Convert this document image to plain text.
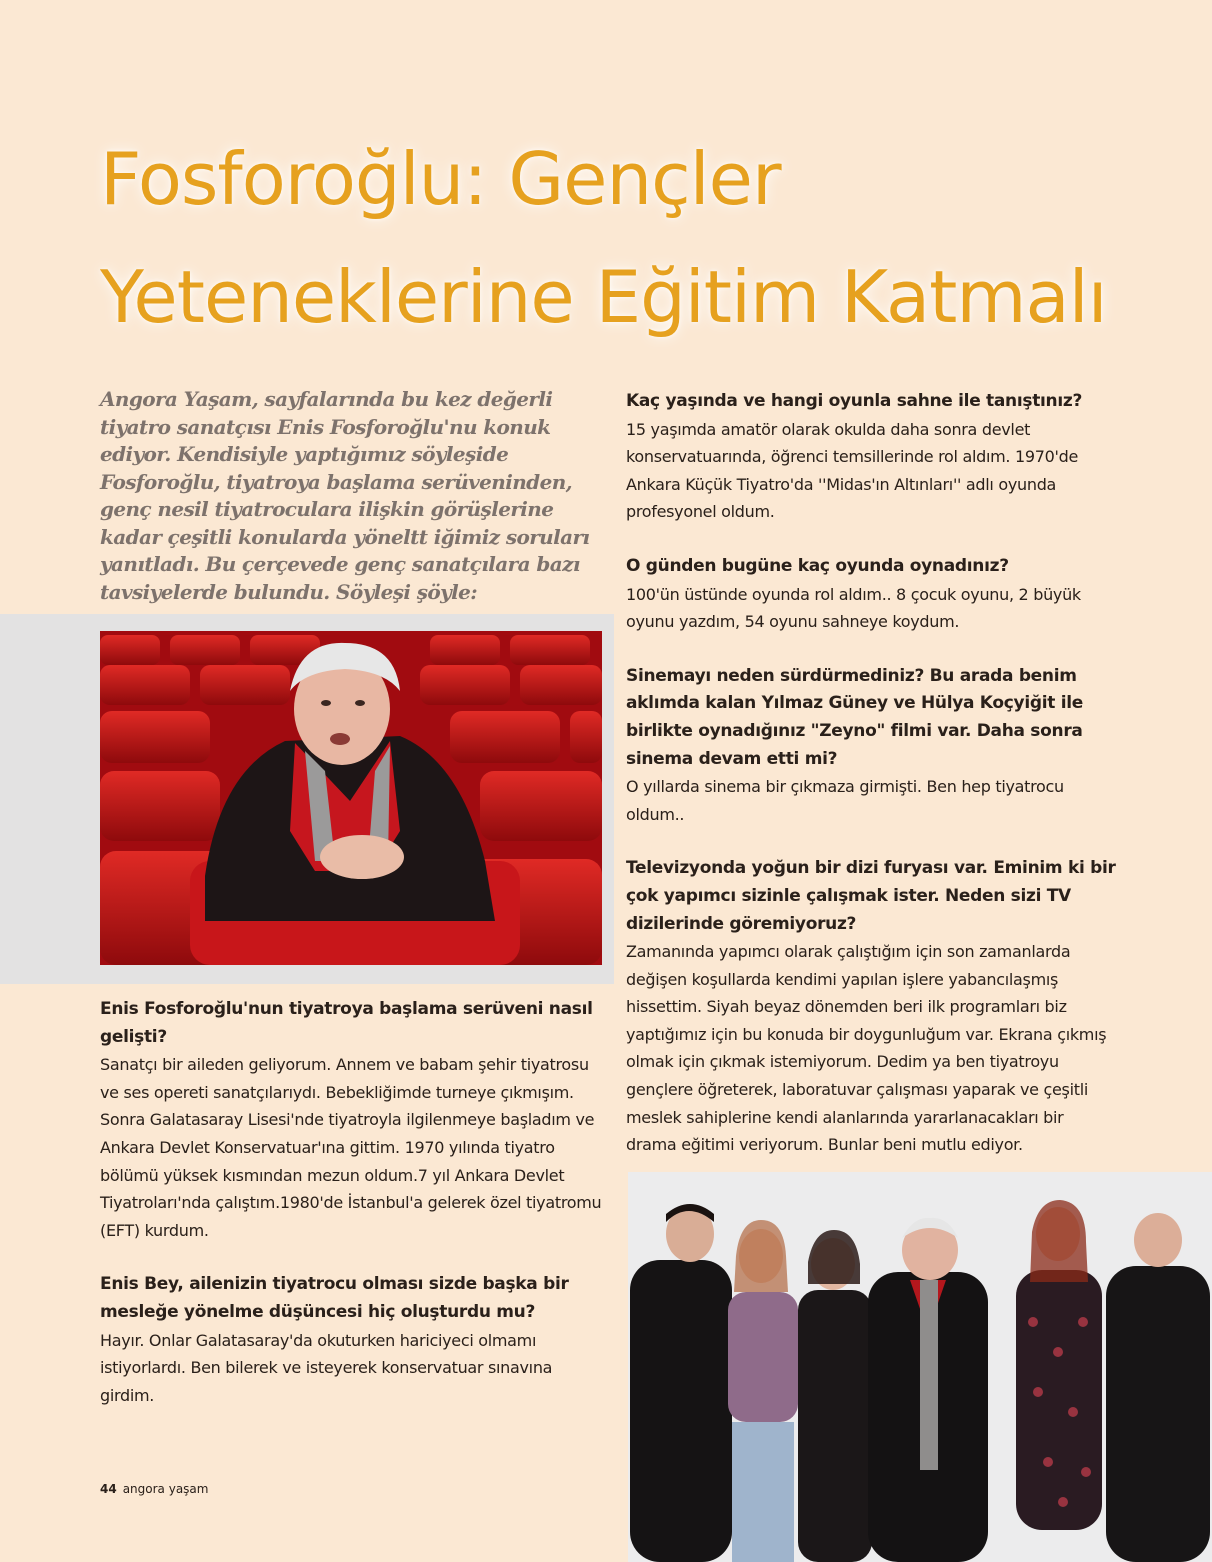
Fosforoğlu: Gençler
Yeteneklerine Eğitim Katmalı

Angora Yaşam, sayfalarında bu kez değerli tiyatro sanatçısı Enis Fosforoğlu'nu konuk ediyor. Kendisiyle yaptığımız söyleşide Fosforoğlu, tiyatroya başlama serüveninden, genç nesil tiyatroculara ilişkin görüşlerine kadar çeşitli konularda yöneltt iğimiz soruları yanıtladı. Bu çerçevede genç sanatçılara bazı tavsiyelerde bulundu. Söyleşi şöyle:

Enis Fosforoğlu'nun tiyatroya başlama serüveni nasıl gelişti?
Sanatçı bir aileden geliyorum. Annem ve babam şehir tiyatrosu ve ses opereti sanatçılarıydı. Bebekliğimde turneye çıkmışım. Sonra Galatasaray Lisesi'nde tiyatroyla ilgilenmeye başladım ve Ankara Devlet Konservatuar'ına gittim. 1970 yılında tiyatro bölümü yüksek kısmından mezun oldum.7 yıl Ankara Devlet Tiyatroları'nda çalıştım.1980'de İstanbul'a gelerek özel tiyatromu (EFT) kurdum.
Enis Bey, ailenizin tiyatrocu olması sizde başka bir mesleğe yönelme düşüncesi hiç oluşturdu mu?
Hayır. Onlar Galatasaray'da okuturken hariciyeci olmamı istiyorlardı. Ben bilerek ve isteyerek konservatuar sınavına girdim.
Kaç yaşında ve hangi oyunla sahne ile tanıştınız?
15 yaşımda amatör olarak okulda daha sonra devlet konservatuarında, öğrenci temsillerinde rol aldım. 1970'de Ankara Küçük Tiyatro'da ''Midas'ın Altınları'' adlı oyunda profesyonel oldum.
O günden bugüne kaç oyunda oynadınız?
100'ün üstünde oyunda rol aldım.. 8 çocuk oyunu, 2 büyük oyunu yazdım, 54 oyunu sahneye koydum.
Sinemayı neden sürdürmediniz? Bu arada benim aklımda kalan Yılmaz Güney ve Hülya Koçyiğit ile birlikte oynadığınız "Zeyno" filmi var. Daha sonra sinema devam etti mi?
O yıllarda sinema bir çıkmaza girmişti. Ben hep tiyatrocu oldum..
Televizyonda yoğun bir dizi furyası var. Eminim ki bir çok yapımcı sizinle çalışmak ister. Neden sizi TV dizilerinde göremiyoruz?
Zamanında yapımcı olarak çalıştığım için son zamanlarda değişen koşullarda kendimi yapılan işlere yabancılaşmış hissettim. Siyah beyaz dönemden beri ilk programları biz yaptığımız için bu konuda bir doygunluğum var. Ekrana çıkmış olmak için çıkmak istemiyorum. Dedim ya ben tiyatroyu gençlere öğreterek, laboratuvar çalışması yaparak ve çeşitli meslek sahiplerine kendi alanlarında yararlanacakları bir drama eğitimi veriyorum. Bunlar beni mutlu ediyor.

44 angora yaşam
